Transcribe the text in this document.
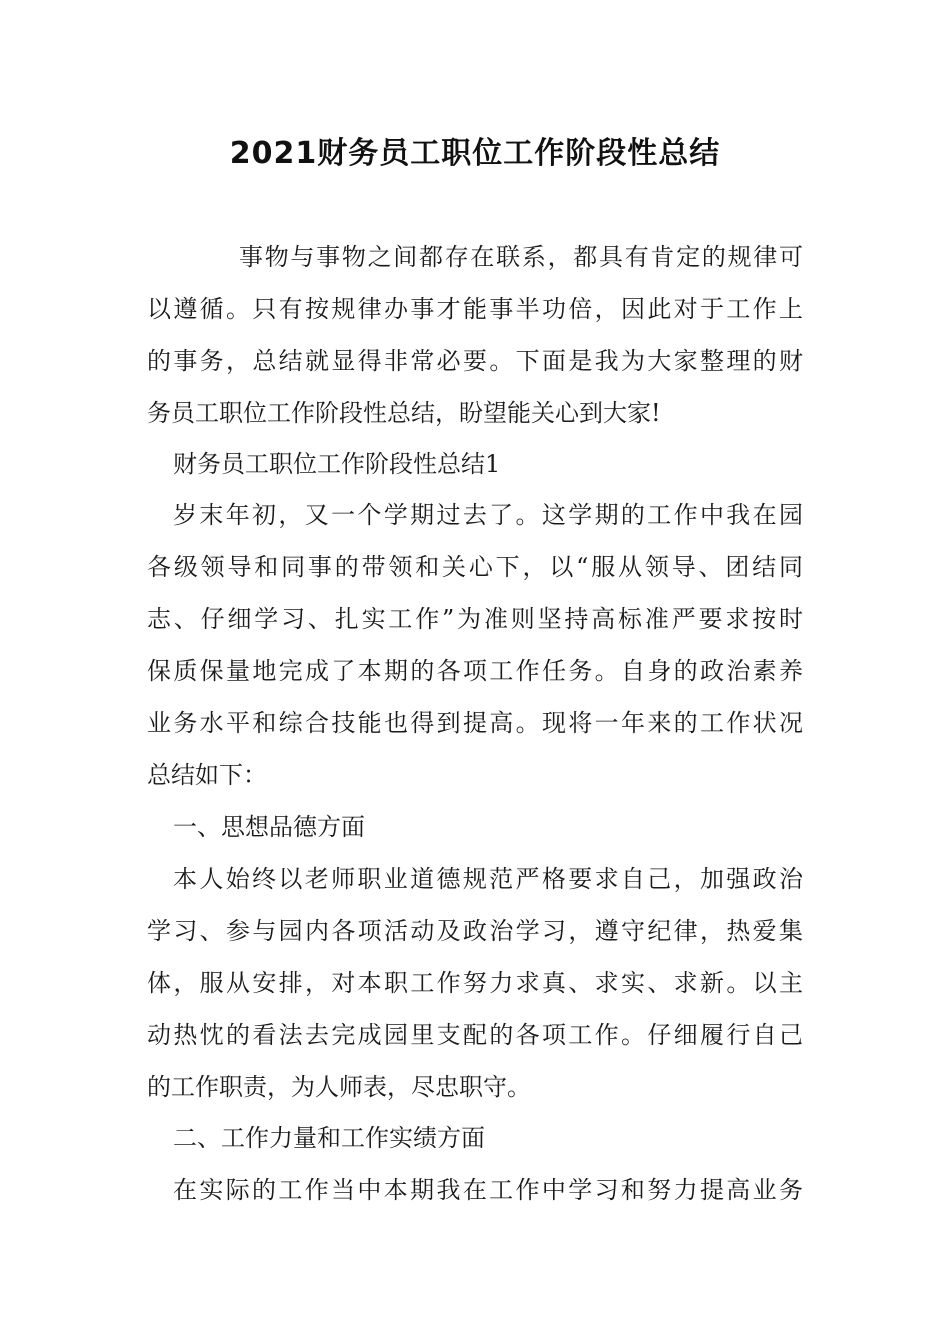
2021财务员工职位工作阶段性总结
事物与事物之间都存在联系，都具有肯定的规律可
以遵循。只有按规律办事才能事半功倍，因此对于工作上
的事务，总结就显得非常必要。下面是我为大家整理的财
务员工职位工作阶段性总结，盼望能关心到大家!
财务员工职位工作阶段性总结1
岁末年初，又一个学期过去了。这学期的工作中我在园
各级领导和同事的带领和关心下，以“服从领导、团结同
志、仔细学习、扎实工作”为准则坚持高标准严要求按时
保质保量地完成了本期的各项工作任务。自身的政治素养
业务水平和综合技能也得到提高。现将一年来的工作状况
总结如下：
一、思想品德方面
本人始终以老师职业道德规范严格要求自己，加强政治
学习、参与园内各项活动及政治学习，遵守纪律，热爱集
体，服从安排，对本职工作努力求真、求实、求新。以主
动热忱的看法去完成园里支配的各项工作。仔细履行自己
的工作职责，为人师表，尽忠职守。
二、工作力量和工作实绩方面
在实际的工作当中本期我在工作中学习和努力提高业务
